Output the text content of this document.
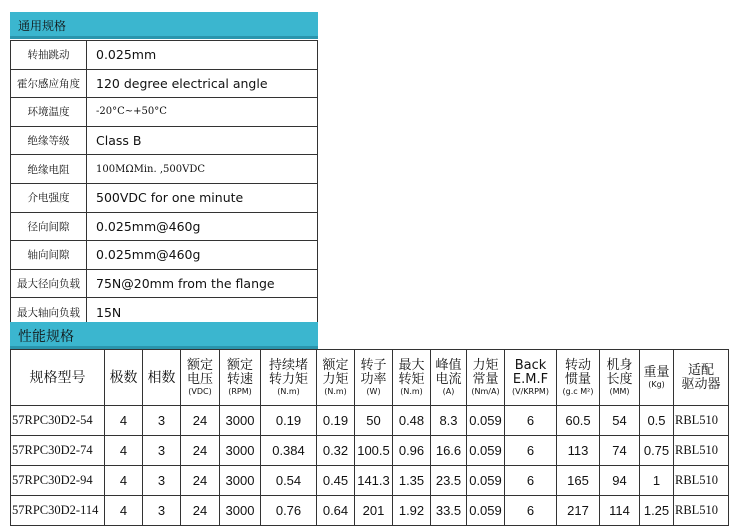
通用规格
转抽跳动	0.025mm
霍尔感应角度	120 degree electrical angle
环境温度	-20°C~+50°C
绝缘等级	Class B
绝缘电阻	100MΩMin. ,500VDC
介电强度	500VDC for one minute
径向间隙	0.025mm@460g
轴向间隙	0.025mm@460g
最大径向负载	75N@20mm from the flange
最大轴向负载	15N
性能规格
规格型号	极数	相数	额定
电压
(VDC)	额定
转速
(RPM)	持续堵
转力矩
(N.m)	额定
力矩
(N.m)	转子
功率
(W)	最大
转矩
(N.m)	峰值
电流
(A)	力矩
常量
(Nm/A)	Back
E.M.F
(V/KRPM)	转动
惯量
(g.c M²)	机身
长度
(MM)	重量
(Kg)	适配
驱动器

57RPC30D2-54	4	3	24	3000	0.19	0.19	50	0.48	8.3	0.059	6	60.5	54	0.5	RBL510
57RPC30D2-74	4	3	24	3000	0.384	0.32	100.5	0.96	16.6	0.059	6	113	74	0.75	RBL510
57RPC30D2-94	4	3	24	3000	0.54	0.45	141.3	1.35	23.5	0.059	6	165	94	1	RBL510
57RPC30D2-114	4	3	24	3000	0.76	0.64	201	1.92	33.5	0.059	6	217	114	1.25	RBL510
